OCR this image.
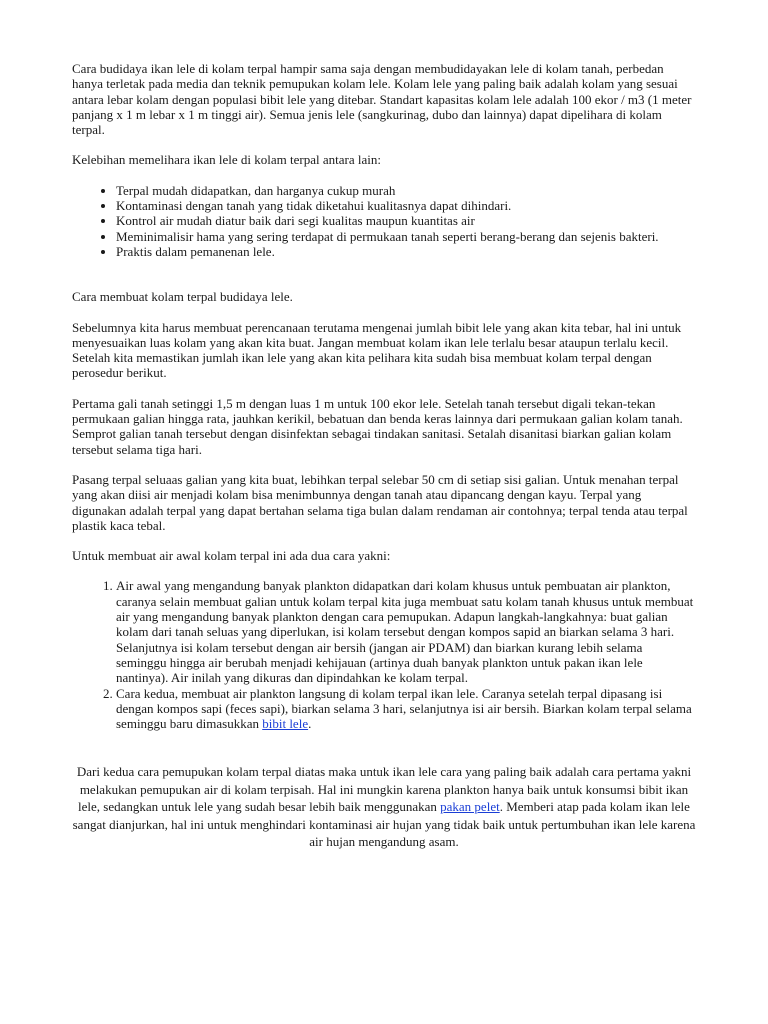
Cara budidaya ikan lele di kolam terpal hampir sama saja dengan membudidayakan lele di kolam tanah, perbedan hanya terletak pada media dan teknik pemupukan kolam lele. Kolam lele yang paling baik adalah kolam yang sesuai antara lebar kolam dengan populasi bibit lele yang ditebar. Standart kapasitas kolam lele adalah 100 ekor / m3 (1 meter panjang x 1 m lebar x 1 m tinggi air). Semua jenis lele (sangkurinag, dubo dan lainnya) dapat dipelihara di kolam terpal.

Kelebihan memelihara ikan lele di kolam terpal antara lain:

• Terpal mudah didapatkan, dan harganya cukup murah
• Kontaminasi dengan tanah yang tidak diketahui kualitasnya dapat dihindari.
• Kontrol air mudah diatur baik dari segi kualitas maupun kuantitas air
• Meminimalisir hama yang sering terdapat di permukaan tanah seperti berang-berang dan sejenis bakteri.
• Praktis dalam pemanenan lele.

Cara membuat kolam terpal budidaya lele.

Sebelumnya kita harus membuat perencanaan terutama mengenai jumlah bibit lele yang akan kita tebar, hal ini untuk menyesuaikan luas kolam yang akan kita buat. Jangan membuat kolam ikan lele terlalu besar ataupun terlalu kecil. Setelah kita memastikan jumlah ikan lele yang akan kita pelihara kita sudah bisa membuat kolam terpal dengan perosedur berikut.

Pertama gali tanah setinggi 1,5 m dengan luas 1 m untuk 100 ekor lele. Setelah tanah tersebut digali tekan-tekan permukaan galian hingga rata, jauhkan kerikil, bebatuan dan benda keras lainnya dari permukaan galian kolam tanah. Semprot galian tanah tersebut dengan disinfektan sebagai tindakan sanitasi. Setalah disanitasi biarkan galian kolam tersebut selama tiga hari.

Pasang terpal seluaas galian yang kita buat, lebihkan terpal selebar 50 cm di setiap sisi galian. Untuk menahan terpal yang akan diisi air menjadi kolam bisa menimbunnya dengan tanah atau dipancang dengan kayu. Terpal yang digunakan adalah terpal yang dapat bertahan selama tiga bulan dalam rendaman air contohnya; terpal tenda atau terpal plastik kaca tebal.

Untuk membuat air awal kolam terpal ini ada dua cara yakni:

1. Air awal yang mengandung banyak plankton didapatkan dari kolam khusus untuk pembuatan air plankton, caranya selain membuat galian untuk kolam terpal kita juga membuat satu kolam tanah khusus untuk membuat air yang mengandung banyak plankton dengan cara pemupukan. Adapun langkah-langkahnya: buat galian kolam dari tanah seluas yang diperlukan, isi kolam tersebut dengan kompos sapid an biarkan selama 3 hari. Selanjutnya isi kolam tersebut dengan air bersih (jangan air PDAM) dan biarkan kurang lebih selama seminggu hingga air berubah menjadi kehijauan (artinya duah banyak plankton untuk pakan ikan lele nantinya). Air inilah yang dikuras dan dipindahkan ke kolam terpal.
2. Cara kedua, membuat air plankton langsung di kolam terpal ikan lele. Caranya setelah terpal dipasang isi dengan kompos sapi (feces sapi), biarkan selama 3 hari, selanjutnya isi air bersih. Biarkan kolam terpal selama seminggu baru dimasukkan bibit lele.

Dari kedua cara pemupukan kolam terpal diatas maka untuk ikan lele cara yang paling baik adalah cara pertama yakni melakukan pemupukan air di kolam terpisah. Hal ini mungkin karena plankton hanya baik untuk konsumsi bibit ikan lele, sedangkan untuk lele yang sudah besar lebih baik menggunakan pakan pelet. Memberi atap pada kolam ikan lele sangat dianjurkan, hal ini untuk menghindari kontaminasi air hujan yang tidak baik untuk pertumbuhan ikan lele karena air hujan mengandung asam.
